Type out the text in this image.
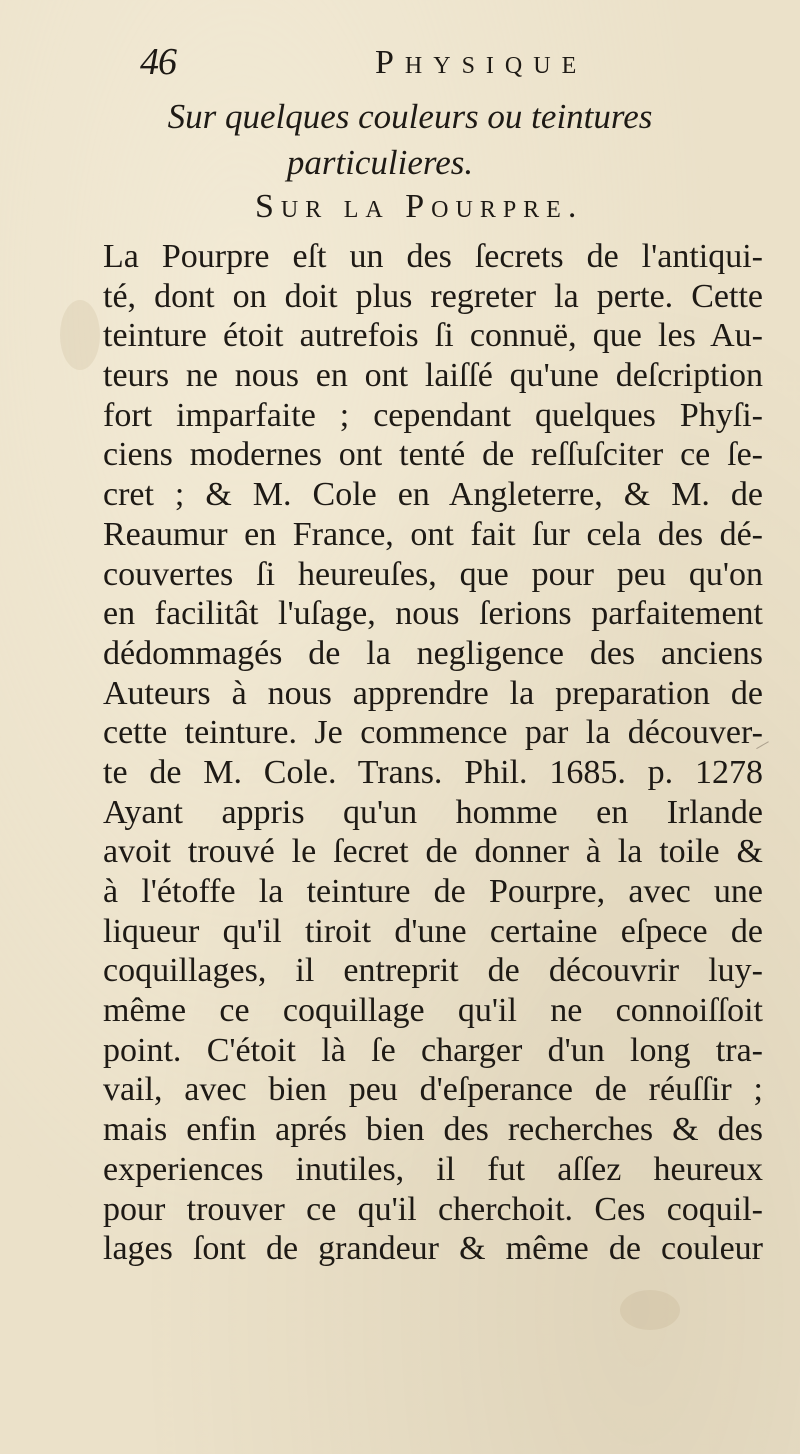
46	Physique
Sur quelques couleurs ou teintures
particulieres.
Sur la Pourpre.
La Pourpre eſt un des ſecrets de l'antiqui-
té, dont on doit plus regreter la perte. Cette
teinture étoit autrefois ſi connuë, que les Au-
teurs ne nous en ont laiſſé qu'une deſcription
fort imparfaite ; cependant quelques Phyſi-
ciens modernes ont tenté de reſſuſciter ce ſe-
cret ; & M. Cole en Angleterre, & M. de
Reaumur en France, ont fait ſur cela des dé-
couvertes ſi heureuſes, que pour peu qu'on
en facilitât l'uſage, nous ſerions parfaitement
dédommagés de la negligence des anciens
Auteurs à nous apprendre la preparation de
cette teinture. Je commence par la découver-
te de M. Cole. Trans. Phil. 1685. p. 1278
Ayant appris qu'un homme en Irlande
avoit trouvé le ſecret de donner à la toile &
à l'étoffe la teinture de Pourpre, avec une
liqueur qu'il tiroit d'une certaine eſpece de
coquillages, il entreprit de découvrir luy-
même ce coquillage qu'il ne connoiſſoit
point. C'étoit là ſe charger d'un long tra-
vail, avec bien peu d'eſperance de réuſſir ;
mais enfin aprés bien des recherches & des
experiences inutiles, il fut aſſez heureux
pour trouver ce qu'il cherchoit. Ces coquil-
lages ſont de grandeur & même de couleur
